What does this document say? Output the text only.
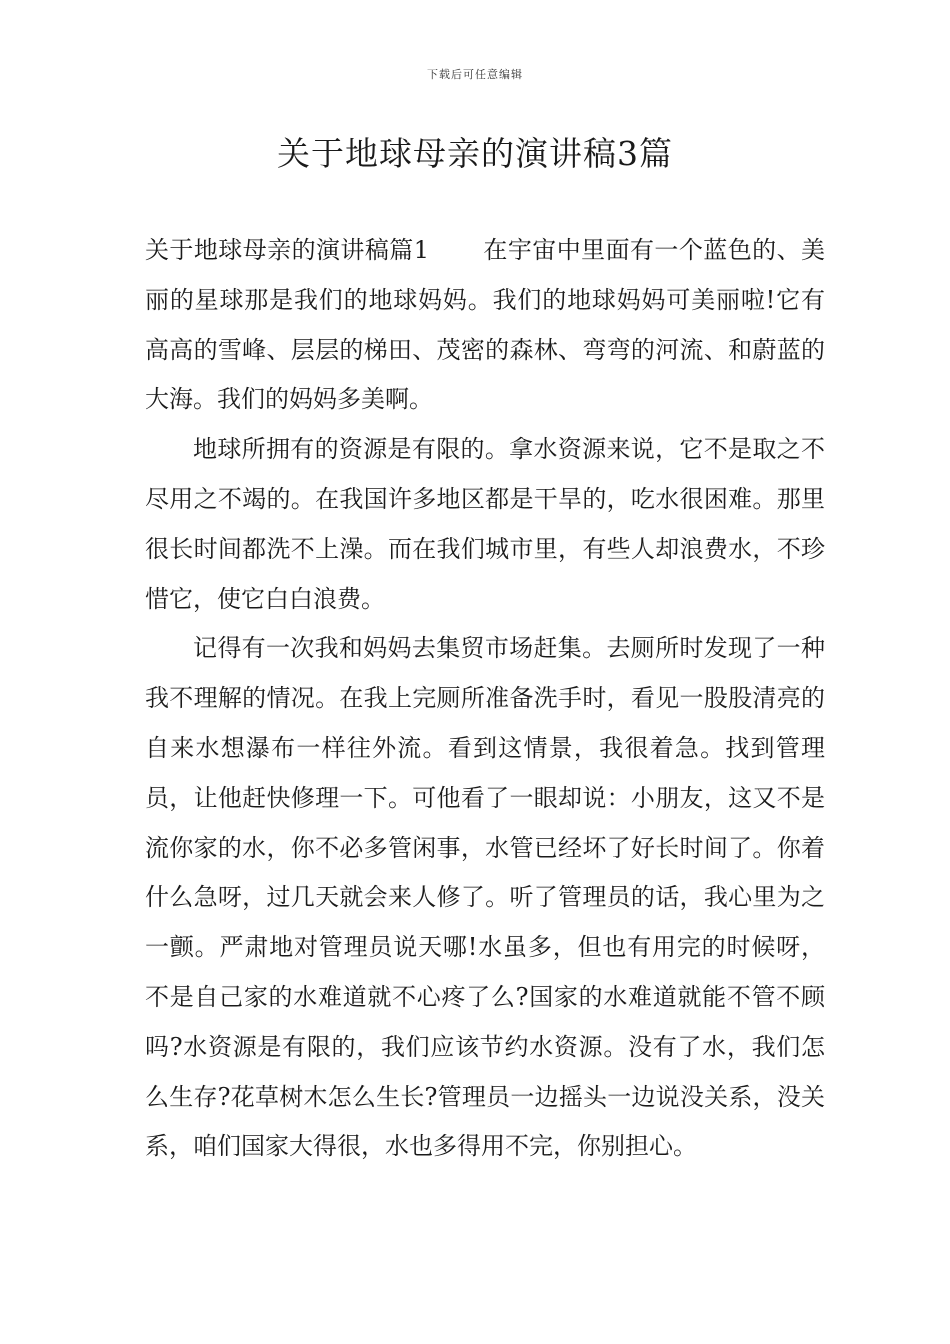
下载后可任意编辑
关于地球母亲的演讲稿3篇

关于地球母亲的演讲稿篇1 在宇宙中里面有一个蓝色的、美丽的星球那是我们的地球妈妈。我们的地球妈妈可美丽啦!它有高高的雪峰、层层的梯田、茂密的森林、弯弯的河流、和蔚蓝的大海。我们的妈妈多美啊。

地球所拥有的资源是有限的。拿水资源来说，它不是取之不尽用之不竭的。在我国许多地区都是干旱的，吃水很困难。那里很长时间都洗不上澡。而在我们城市里，有些人却浪费水，不珍惜它，使它白白浪费。

记得有一次我和妈妈去集贸市场赶集。去厕所时发现了一种我不理解的情况。在我上完厕所准备洗手时，看见一股股清亮的自来水想瀑布一样往外流。看到这情景，我很着急。找到管理员，让他赶快修理一下。可他看了一眼却说：小朋友，这又不是流你家的水，你不必多管闲事，水管已经坏了好长时间了。你着什么急呀，过几天就会来人修了。听了管理员的话，我心里为之一颤。严肃地对管理员说天哪!水虽多，但也有用完的时候呀，不是自己家的水难道就不心疼了么?国家的水难道就能不管不顾吗?水资源是有限的，我们应该节约水资源。没有了水，我们怎么生存?花草树木怎么生长?管理员一边摇头一边说没关系，没关系，咱们国家大得很，水也多得用不完，你别担心。
